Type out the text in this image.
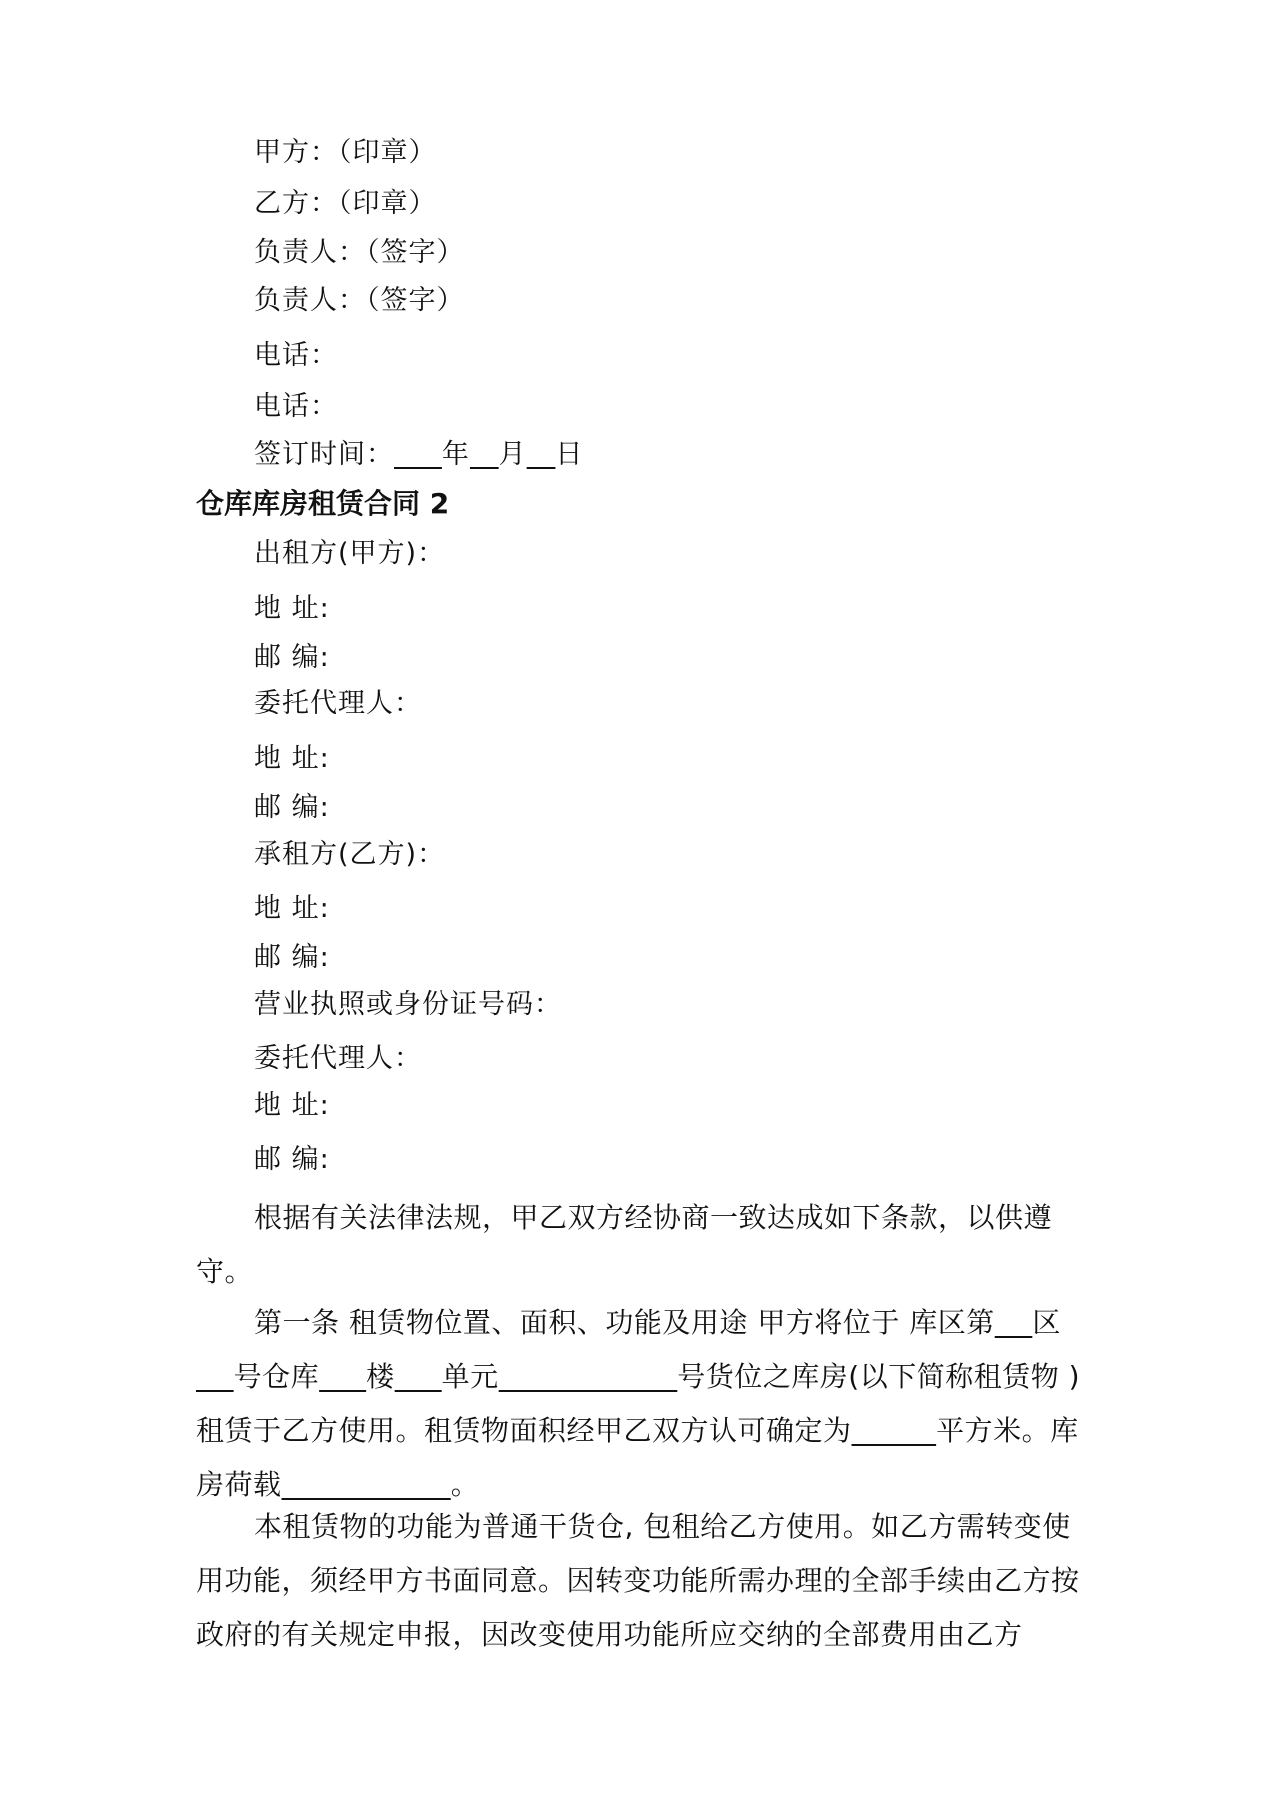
甲方：（印章）
乙方：（印章）
负责人：（签字）
负责人：（签字）
电话：
电话：
签订时间： 年 月 日
仓库库房租赁合同 2
出租方(甲方)：
地 址:
邮 编:
委托代理人：
地 址:
邮 编:
承租方(乙方)：
地 址:
邮 编:
营业执照或身份证号码：
委托代理人：
地 址:
邮 编:
根据有关法律法规，甲乙双方经协商一致达成如下条款，以供遵守。
第一条 租赁物位置、面积、功能及用途 甲方将位于 库区第 区    号仓库 楼 单元	号货位之库房(以下简称租赁物 )租赁于乙方使用。租赁物面积经甲乙双方认可确定为	平方米。库房荷载	。
本租赁物的功能为普通干货仓, 包租给乙方使用。如乙方需转变使用功能，须经甲方书面同意。因转变功能所需办理的全部手续由乙方按政府的有关规定申报，因改变使用功能所应交纳的全部费用由乙方
